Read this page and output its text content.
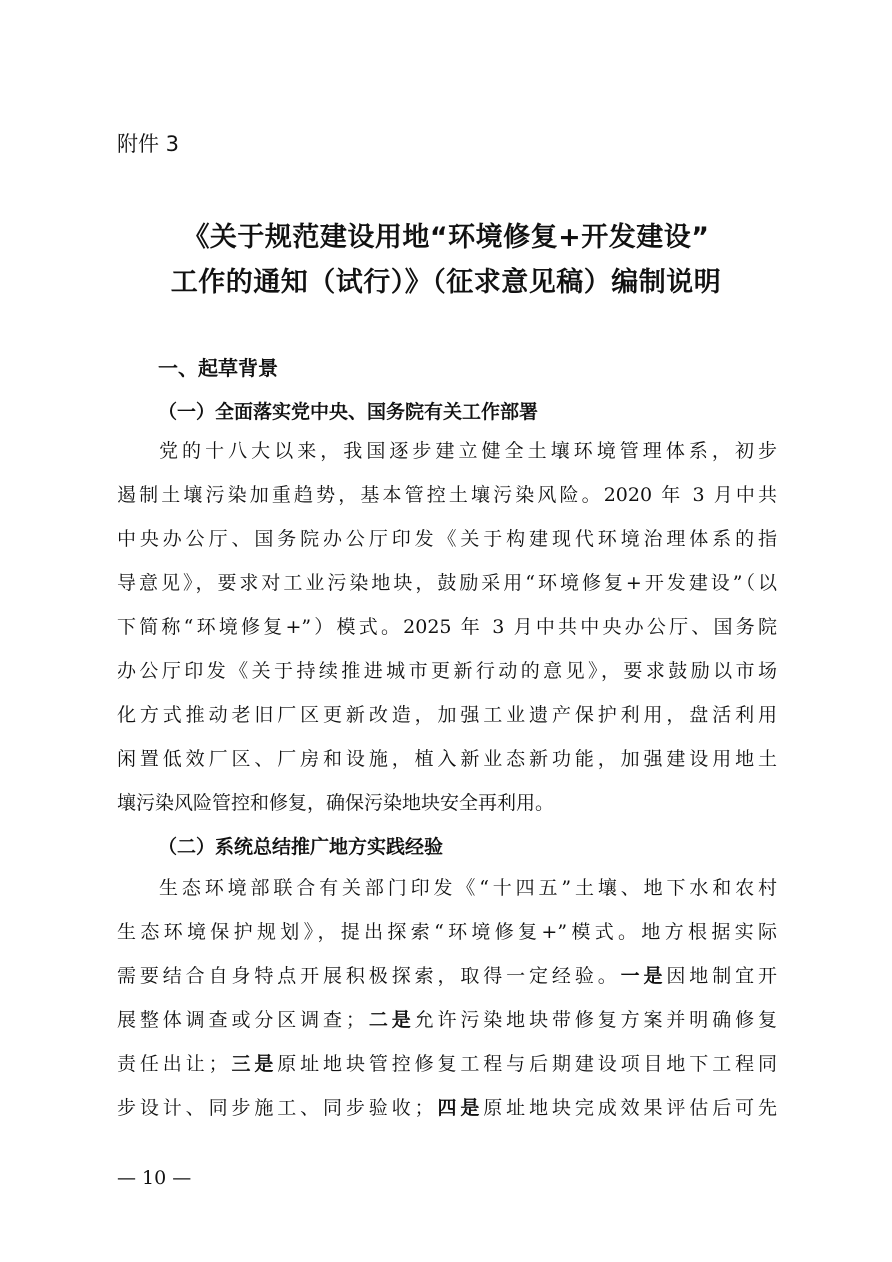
附件 3
《关于规范建设用地“环境修复+开发建设”
工作的通知（试行）》（征求意见稿）编制说明
一、起草背景
（一）全面落实党中央、国务院有关工作部署
党的十八大以来，我国逐步建立健全土壤环境管理体系，初步
遏制土壤污染加重趋势，基本管控土壤污染风险。2020 年 3 月中共
中央办公厅、国务院办公厅印发《关于构建现代环境治理体系的指
导意见》，要求对工业污染地块，鼓励采用“环境修复+开发建设”（以
下简称“环境修复+”）模式。2025 年 3 月中共中央办公厅、国务院
办公厅印发《关于持续推进城市更新行动的意见》，要求鼓励以市场
化方式推动老旧厂区更新改造，加强工业遗产保护利用，盘活利用
闲置低效厂区、厂房和设施，植入新业态新功能，加强建设用地土
壤污染风险管控和修复，确保污染地块安全再利用。
（二）系统总结推广地方实践经验
生态环境部联合有关部门印发《“十四五”土壤、地下水和农村
生态环境保护规划》，提出探索“环境修复+”模式。地方根据实际
需要结合自身特点开展积极探索，取得一定经验。一是因地制宜开
展整体调查或分区调查；二是允许污染地块带修复方案并明确修复
责任出让；三是原址地块管控修复工程与后期建设项目地下工程同
步设计、同步施工、同步验收；四是原址地块完成效果评估后可先
— 10 —
